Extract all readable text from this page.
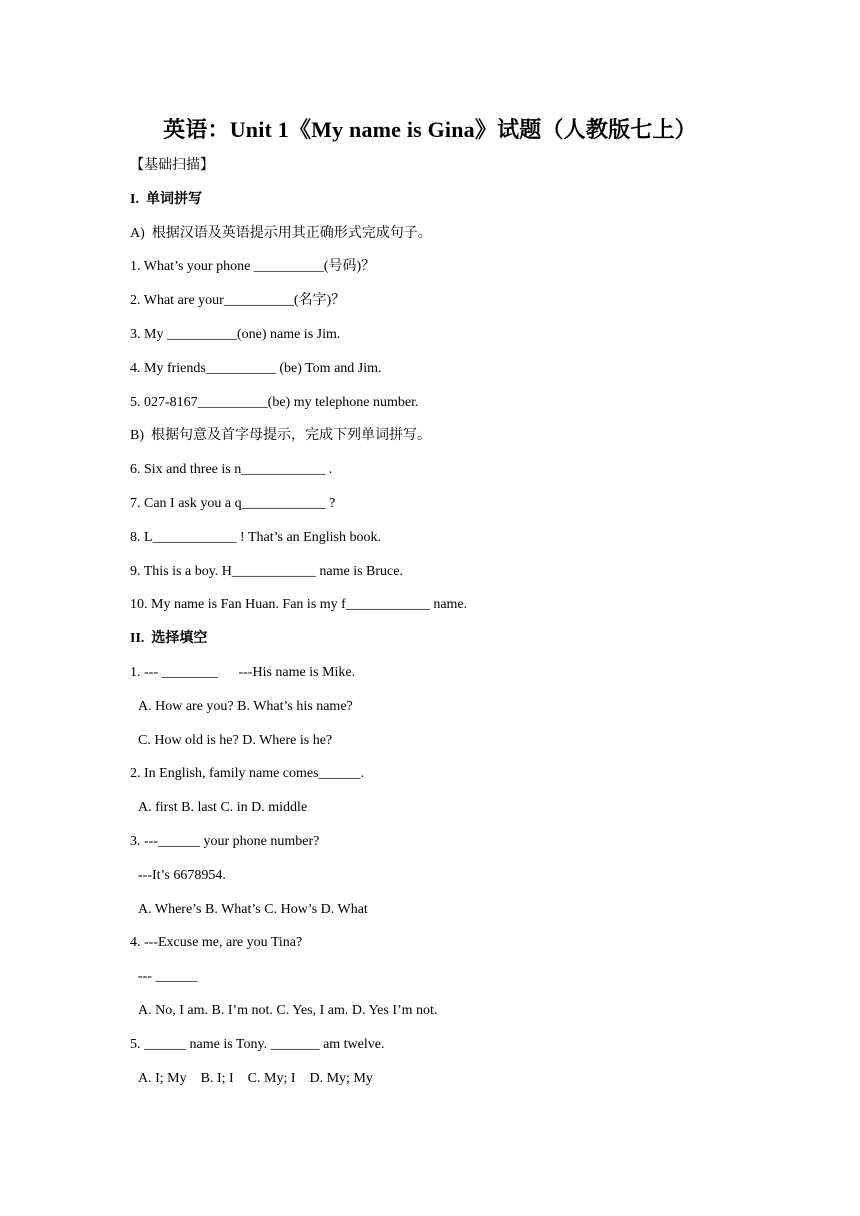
英语：Unit 1《My name is Gina》试题（人教版七上）
【基础扫描】
I.  单词拼写
A)  根据汉语及英语提示用其正确形式完成句子。
1. What’s your phone __________(号码)？
2. What are your__________(名字)？
3. My __________(one) name is Jim.
4. My friends__________ (be) Tom and Jim.
5. 027-8167__________(be) my telephone number.
B)  根据句意及首字母提示，完成下列单词拼写。
6. Six and three is n____________ .
7. Can I ask you a q____________ ?
8. L____________ ! That’s an English book.
9. This is a boy. H____________ name is Bruce.
10. My name is Fan Huan. Fan is my f____________ name.
II.  选择填空
1. --- ________      ---His name is Mike.
A. How are you? B. What’s his name?
C. How old is he? D. Where is he?
2. In English, family name comes______.
A. first B. last C. in D. middle
3. ---______ your phone number?
---It’s 6678954.
A. Where’s B. What’s C. How’s D. What
4. ---Excuse me, are you Tina?
--- ______
A. No, I am. B. I’m not. C. Yes, I am. D. Yes I’m not.
5. ______ name is Tony. _______ am twelve.
A. I; My    B. I; I    C. My; I    D. My; My
